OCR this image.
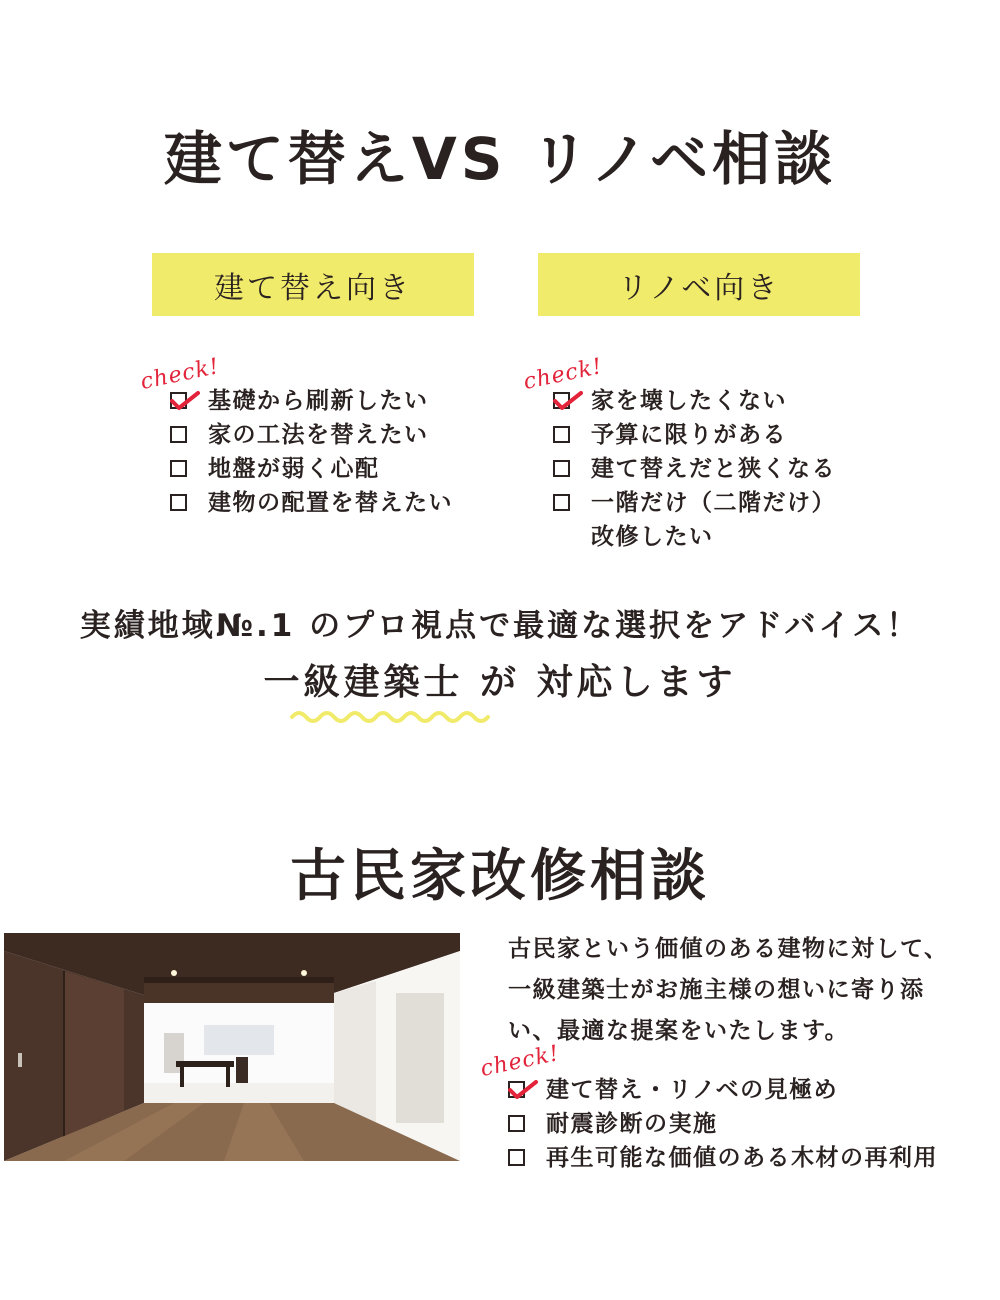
建て替えVS リノベ相談
建て替え向き	リノベ向き
check!
基礎から刷新したい
家の工法を替えたい
地盤が弱く心配
建物の配置を替えたい
check!
家を壊したくない
予算に限りがある
建て替えだと狭くなる
一階だけ（二階だけ）
改修したい
実績地域№.1 のプロ視点で最適な選択をアドバイス！
一級建築士 が 対応します
古民家改修相談
古民家という価値のある建物に対して、
一級建築士がお施主様の想いに寄り添
い、最適な提案をいたします。
check!
建て替え・リノベの見極め
耐震診断の実施
再生可能な価値のある木材の再利用
